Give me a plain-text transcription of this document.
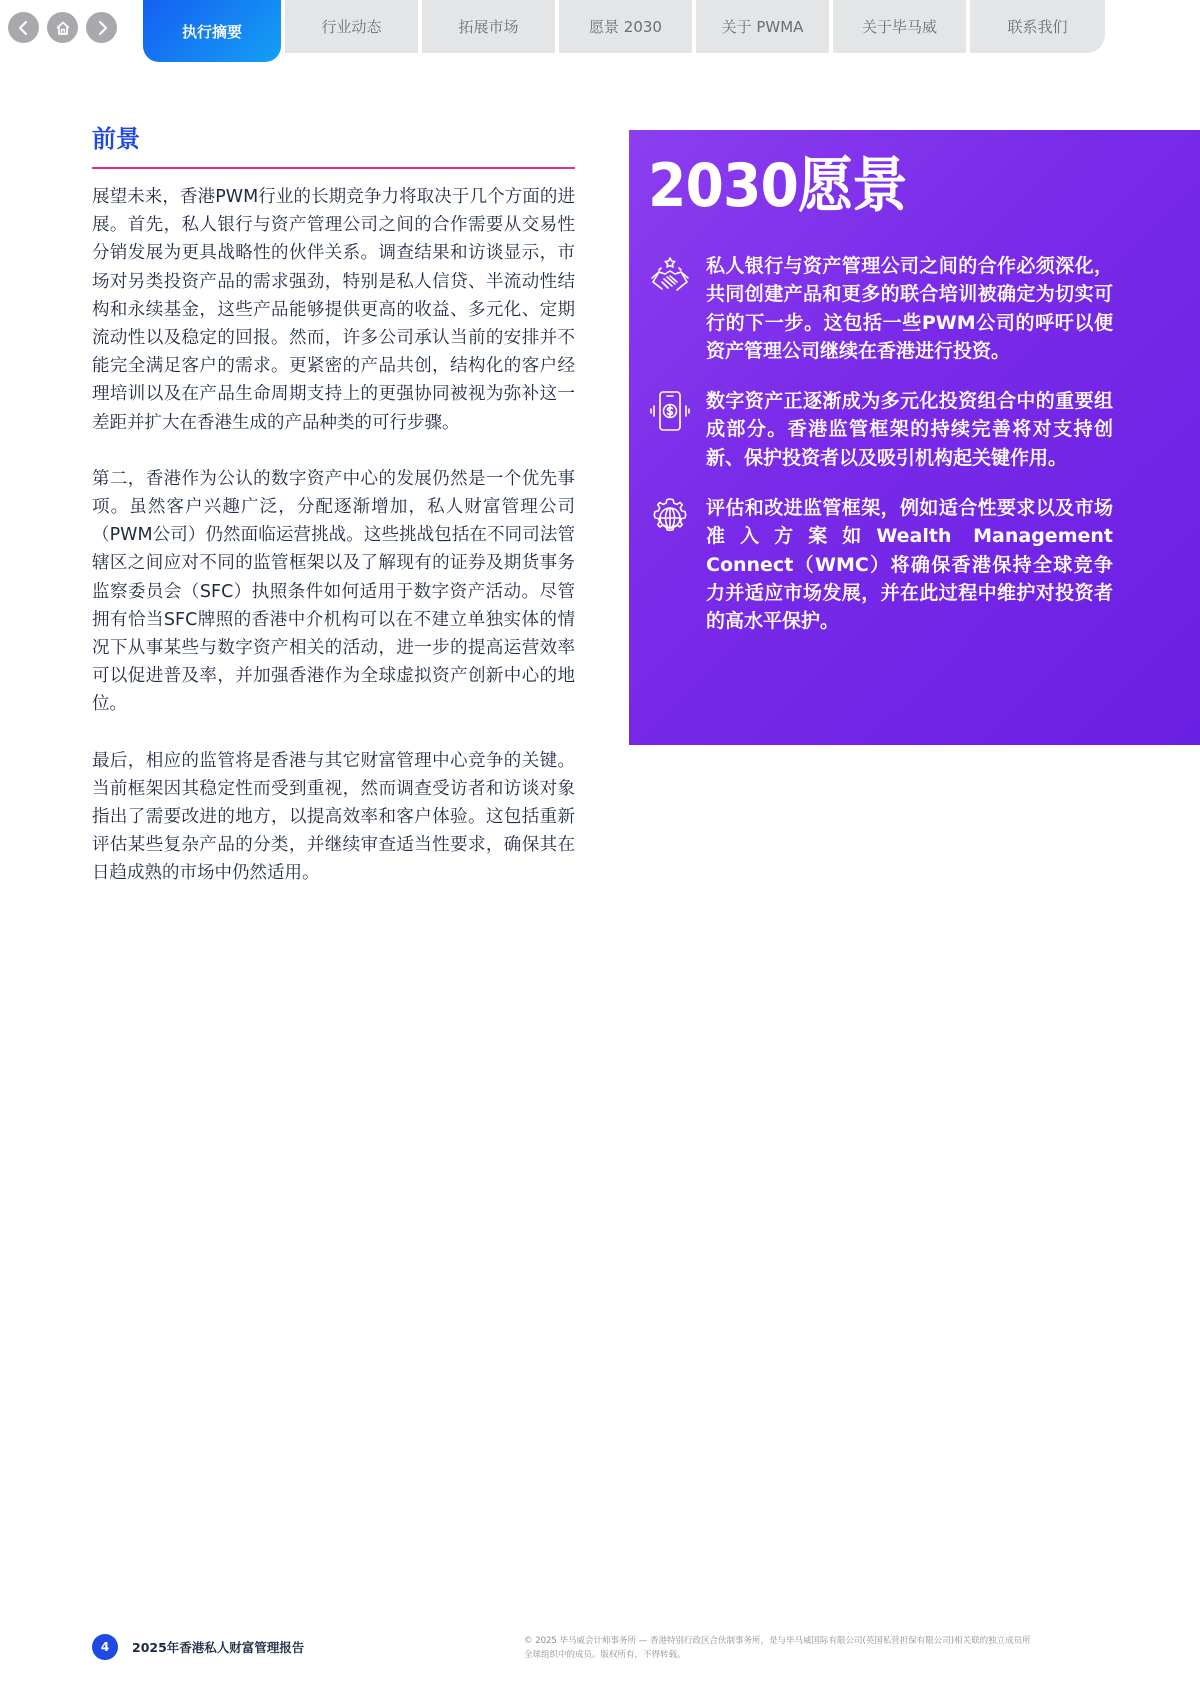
执行摘要	行业动态	拓展市场	愿景 2030	关于 PWMA	关于毕马威	联系我们
前景

展望未来，香港PWM行业的长期竞争力将取决于几个方面的进展。首先，私人银行与资产管理公司之间的合作需要从交易性分销发展为更具战略性的伙伴关系。调查结果和访谈显示，市场对另类投资产品的需求强劲，特别是私人信贷、半流动性结构和永续基金，这些产品能够提供更高的收益、多元化、定期流动性以及稳定的回报。然而，许多公司承认当前的安排并不能完全满足客户的需求。更紧密的产品共创，结构化的客户经理培训以及在产品生命周期支持上的更强协同被视为弥补这一差距并扩大在香港生成的产品种类的可行步骤。

第二，香港作为公认的数字资产中心的发展仍然是一个优先事项。虽然客户兴趣广泛，分配逐渐增加，私人财富管理公司（PWM公司）仍然面临运营挑战。这些挑战包括在不同司法管辖区之间应对不同的监管框架以及了解现有的证券及期货事务监察委员会（SFC）执照条件如何适用于数字资产活动。尽管拥有恰当SFC牌照的香港中介机构可以在不建立单独实体的情况下从事某些与数字资产相关的活动，进一步的提高运营效率可以促进普及率，并加强香港作为全球虚拟资产创新中心的地位。

最后，相应的监管将是香港与其它财富管理中心竞争的关键。当前框架因其稳定性而受到重视，然而调查受访者和访谈对象指出了需要改进的地方，以提高效率和客户体验。这包括重新评估某些复杂产品的分类，并继续审查适当性要求，确保其在日趋成熟的市场中仍然适用。

2030愿景
私人银行与资产管理公司之间的合作必须深化，共同创建产品和更多的联合培训被确定为切实可行的下一步。这包括一些PWM公司的呼吁以便资产管理公司继续在香港进行投资。
数字资产正逐渐成为多元化投资组合中的重要组成部分。香港监管框架的持续完善将对支持创新、保护投资者以及吸引机构起关键作用。
评估和改进监管框架，例如适合性要求以及市场准入方案如Wealth Management Connect（WMC）将确保香港保持全球竞争力并适应市场发展，并在此过程中维护对投资者的高水平保护。
4	2025年香港私人财富管理报告	© 2025 毕马威会计师事务所 — 香港特别行政区合伙制事务所，是与毕马威国际有限公司(英国私营担保有限公司)相关联的独立成员所
全球组织中的成员。版权所有，不得转载。
